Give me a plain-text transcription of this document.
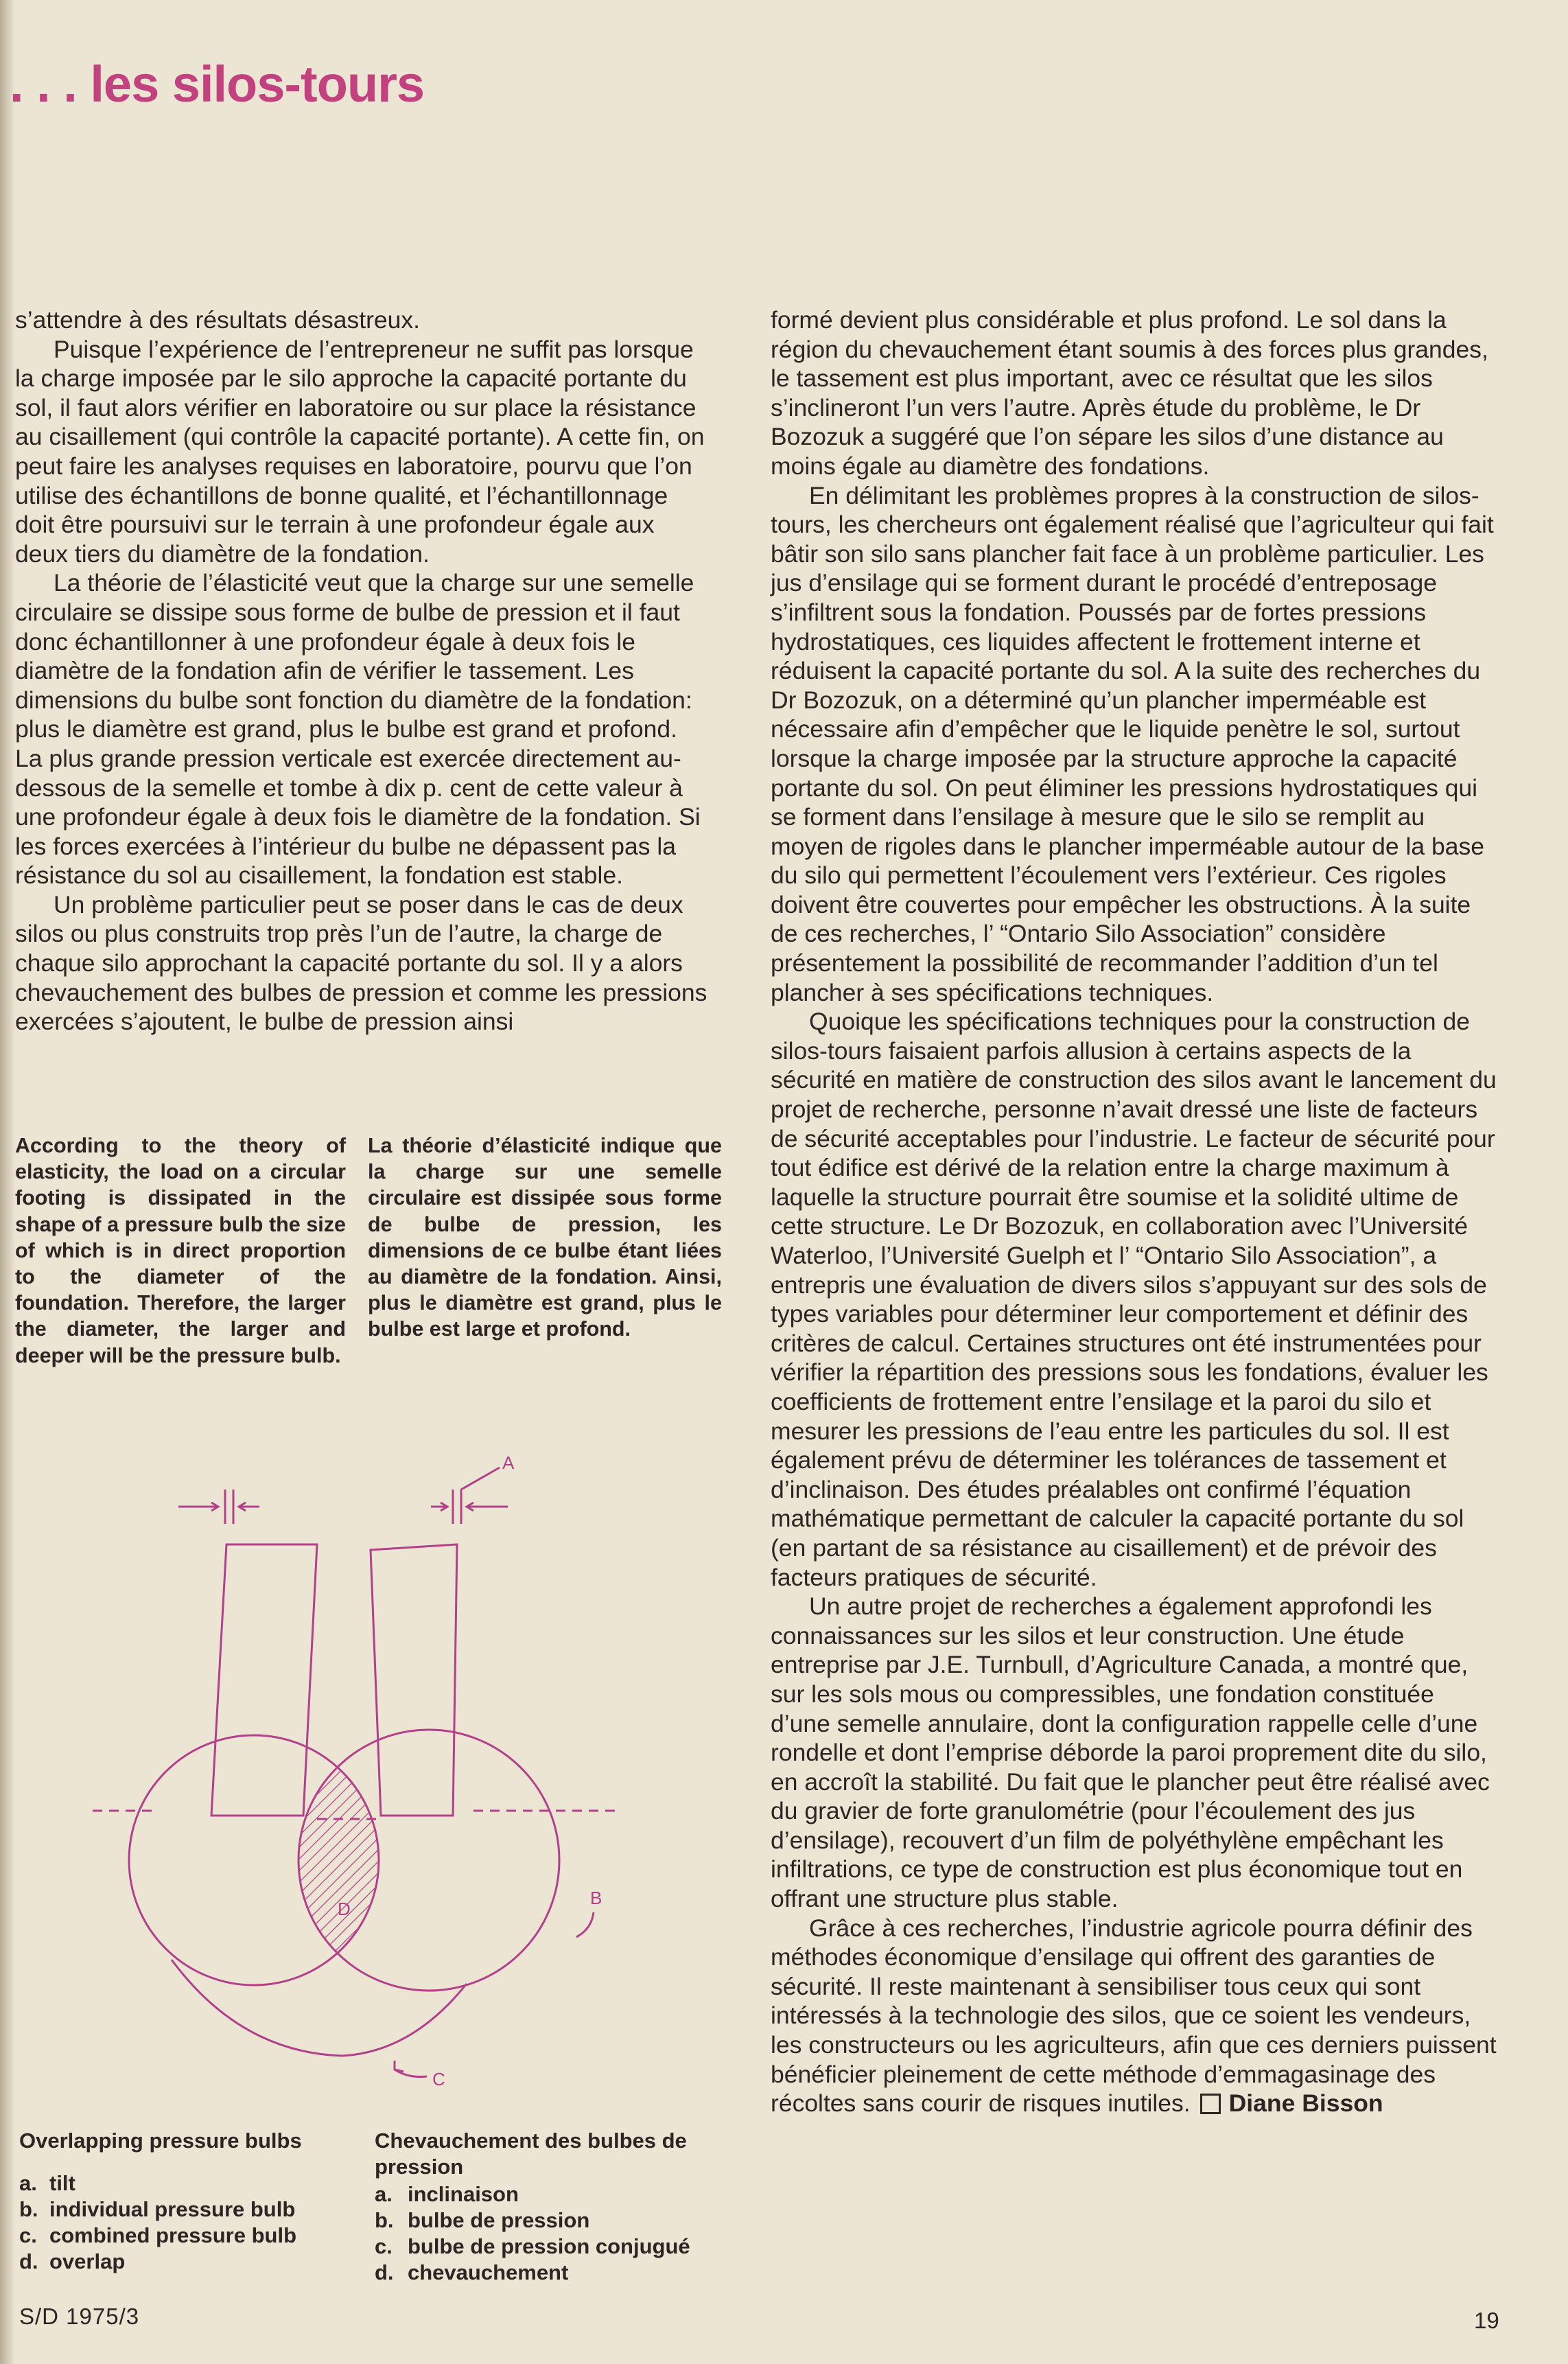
. . . les silos-tours

s’attendre à des résultats désastreux.

Puisque l’expérience de l’entrepreneur ne suffit pas lorsque la charge imposée par le silo approche la capacité portante du sol, il faut alors vérifier en laboratoire ou sur place la résistance au cisaillement (qui contrôle la capacité portante). A cette fin, on peut faire les analyses requises en laboratoire, pourvu que l’on utilise des échantillons de bonne qualité, et l’échantillonnage doit être poursuivi sur le terrain à une profondeur égale aux deux tiers du diamètre de la fondation.

La théorie de l’élasticité veut que la charge sur une semelle circulaire se dissipe sous forme de bulbe de pression et il faut donc échantillonner à une profondeur égale à deux fois le diamètre de la fondation afin de vérifier le tassement. Les dimensions du bulbe sont fonction du diamètre de la fondation: plus le diamètre est grand, plus le bulbe est grand et profond. La plus grande pression verticale est exercée directement au-dessous de la semelle et tombe à dix p. cent de cette valeur à une profondeur égale à deux fois le diamètre de la fondation. Si les forces exercées à l’intérieur du bulbe ne dépassent pas la résistance du sol au cisaillement, la fondation est stable.

Un problème particulier peut se poser dans le cas de deux silos ou plus construits trop près l’un de l’autre, la charge de chaque silo approchant la capacité portante du sol. Il y a alors chevauchement des bulbes de pression et comme les pressions exercées s’ajoutent, le bulbe de pression ainsi

According to the theory of elasticity, the load on a circular footing is dissipated in the shape of a pressure bulb the size of which is in direct proportion to the diameter of the foundation. Therefore, the larger the diameter, the larger and deeper will be the pressure bulb.

La théorie d’élasticité indique que la charge sur une semelle circulaire est dissipée sous forme de bulbe de pression, les dimensions de ce bulbe étant liées au diamètre de la fondation. Ainsi, plus le diamètre est grand, plus le bulbe est large et profond.

A
B
C
D

Overlapping pressure bulbs

a. tilt
b. individual pressure bulb
c. combined pressure bulb
d. overlap

Chevauchement des bulbes de pression

a. inclinaison
b. bulbe de pression
c. bulbe de pression conjugué
d. chevauchement

formé devient plus considérable et plus profond. Le sol dans la région du chevauchement étant soumis à des forces plus grandes, le tassement est plus important, avec ce résultat que les silos s’inclineront l’un vers l’autre. Après étude du problème, le Dr Bozozuk a suggéré que l’on sépare les silos d’une distance au moins égale au diamètre des fondations.

En délimitant les problèmes propres à la construction de silos-tours, les chercheurs ont également réalisé que l’agriculteur qui fait bâtir son silo sans plancher fait face à un problème particulier. Les jus d’ensilage qui se forment durant le procédé d’entreposage s’infiltrent sous la fondation. Poussés par de fortes pressions hydrostatiques, ces liquides affectent le frottement interne et réduisent la capacité portante du sol. A la suite des recherches du Dr Bozozuk, on a déterminé qu’un plancher imperméable est nécessaire afin d’empêcher que le liquide penètre le sol, surtout lorsque la charge imposée par la structure approche la capacité portante du sol. On peut éliminer les pressions hydrostatiques qui se forment dans l’ensilage à mesure que le silo se remplit au moyen de rigoles dans le plancher imperméable autour de la base du silo qui permettent l’écoulement vers l’extérieur. Ces rigoles doivent être couvertes pour empêcher les obstructions. À la suite de ces recherches, l’ “Ontario Silo Association” considère présentement la possibilité de recommander l’addition d’un tel plancher à ses spécifications techniques.

Quoique les spécifications techniques pour la construction de silos-tours faisaient parfois allusion à certains aspects de la sécurité en matière de construction des silos avant le lancement du projet de recherche, personne n’avait dressé une liste de facteurs de sécurité acceptables pour l’industrie. Le facteur de sécurité pour tout édifice est dérivé de la relation entre la charge maximum à laquelle la structure pourrait être soumise et la solidité ultime de cette structure. Le Dr Bozozuk, en collaboration avec l’Université Waterloo, l’Université Guelph et l’ “Ontario Silo Association”, a entrepris une évaluation de divers silos s’appuyant sur des sols de types variables pour déterminer leur comportement et définir des critères de calcul. Certaines structures ont été instrumentées pour vérifier la répartition des pressions sous les fondations, évaluer les coefficients de frottement entre l’ensilage et la paroi du silo et mesurer les pressions de l’eau entre les particules du sol. Il est également prévu de déterminer les tolérances de tassement et d’inclinaison. Des études préalables ont confirmé l’équation mathématique permettant de calculer la capacité portante du sol (en partant de sa résistance au cisaillement) et de prévoir des facteurs pratiques de sécurité.

Un autre projet de recherches a également approfondi les connaissances sur les silos et leur construction. Une étude entreprise par J.E. Turnbull, d’Agriculture Canada, a montré que, sur les sols mous ou compressibles, une fondation constituée d’une semelle annulaire, dont la configuration rappelle celle d’une rondelle et dont l’emprise déborde la paroi proprement dite du silo, en accroît la stabilité. Du fait que le plancher peut être réalisé avec du gravier de forte granulométrie (pour l’écoulement des jus d’ensilage), recouvert d’un film de polyéthylène empêchant les infiltrations, ce type de construction est plus économique tout en offrant une structure plus stable.

Grâce à ces recherches, l’industrie agricole pourra définir des méthodes économique d’ensilage qui offrent des garanties de sécurité. Il reste maintenant à sensibiliser tous ceux qui sont intéressés à la technologie des silos, que ce soient les vendeurs, les constructeurs ou les agriculteurs, afin que ces derniers puissent bénéficier pleinement de cette méthode d’emmagasinage des récoltes sans courir de risques inutiles. Diane Bisson

S/D 1975/3	19
